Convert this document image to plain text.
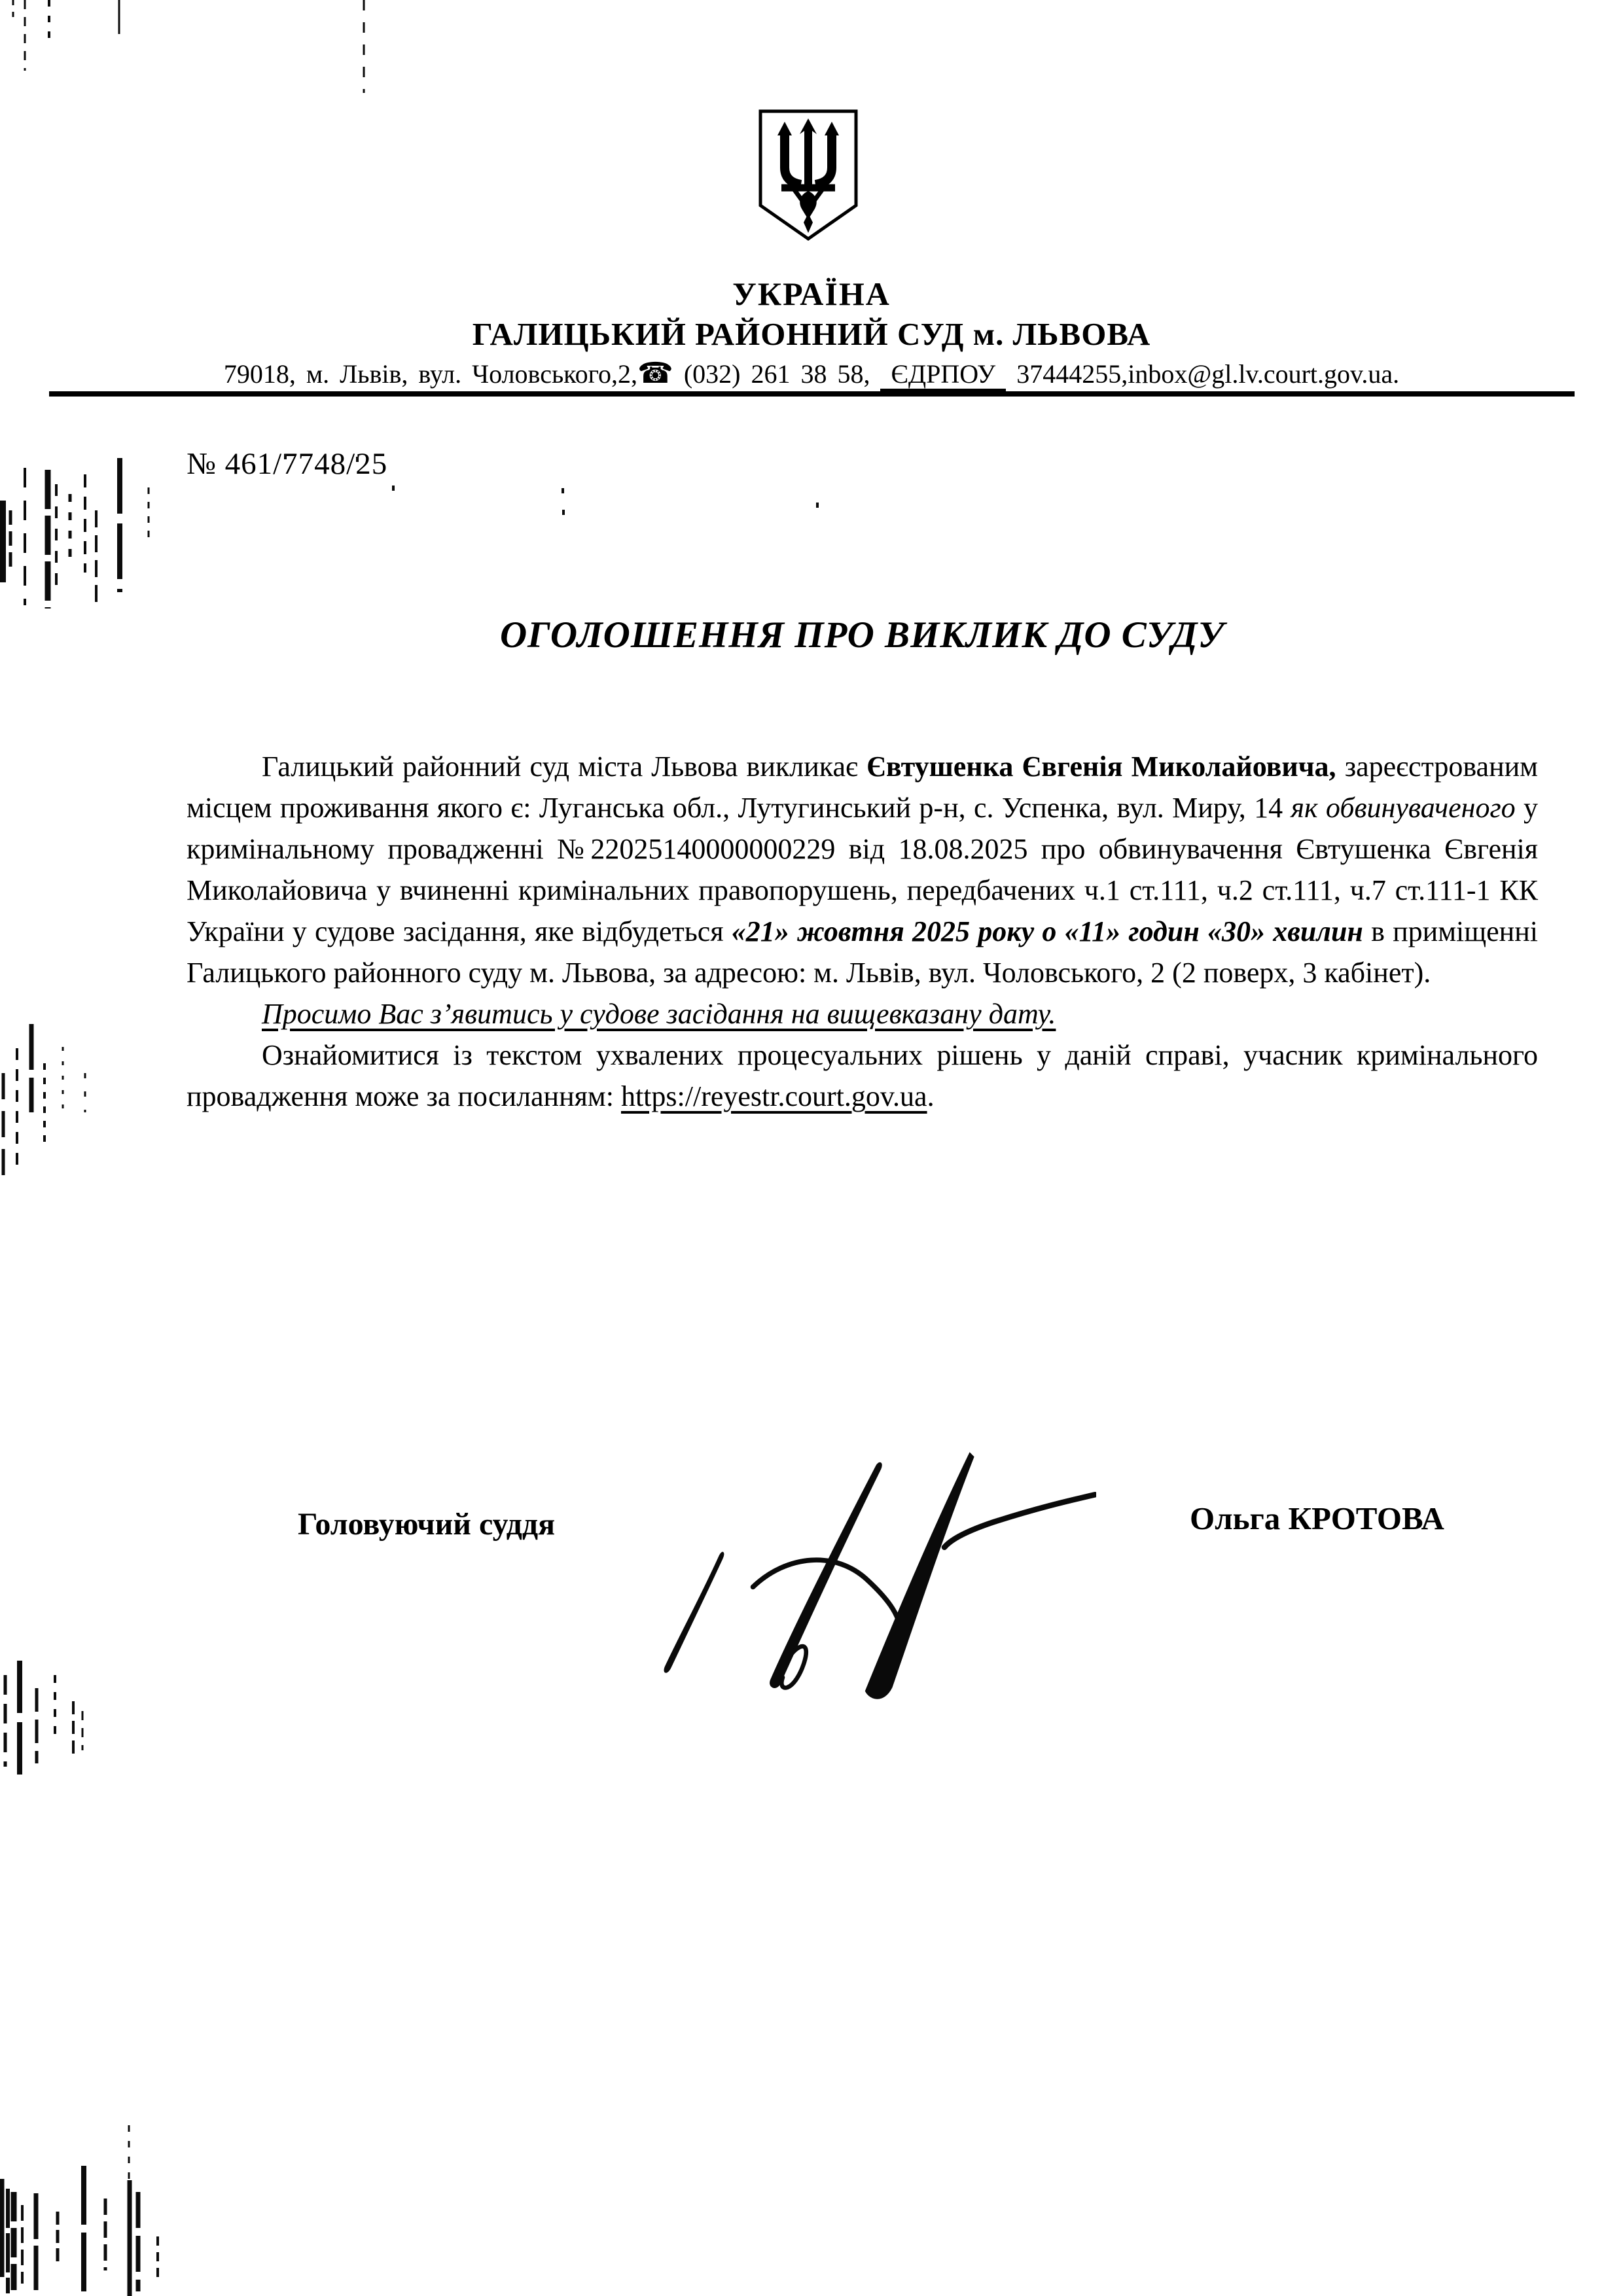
УКРАЇНА
ГАЛИЦЬКИЙ РАЙОННИЙ СУД м. ЛЬВОВА
79018, м. Львів, вул. Чоловського,2,☎ (032) 261 38 58, ЄДРПОУ 37444255,inbox@gl.lv.court.gov.ua.
№ 461/7748/25
ОГОЛОШЕННЯ ПРО ВИКЛИК ДО СУДУ

Галицький районний суд міста Львова викликає Євтушенка Євгенія Миколайовича, зареєстрованим місцем проживання якого є: Луганська обл., Лутугинський р-н, с. Успенка, вул. Миру, 14 як обвинуваченого у кримінальному провадженні №22025140000000229 від 18.08.2025 про обвинувачення Євтушенка Євгенія Миколайовича у вчиненні кримінальних правопорушень, передбачених ч.1 ст.111, ч.2 ст.111, ч.7 ст.111-1 КК України у судове засідання, яке відбудеться «21» жовтня 2025 року о «11» годин «30» хвилин в приміщенні Галицького районного суду м. Львова, за адресою: м. Львів, вул. Чоловського, 2 (2 поверх, 3 кабінет).

Просимо Вас з’явитись у судове засідання на вищевказану дату.

Ознайомитися із текстом ухвалених процесуальних рішень у даній справі, учасник кримінального провадження може за посиланням: https://reyestr.court.gov.ua.

Головуючий суддя	Ольга КРОТОВА
